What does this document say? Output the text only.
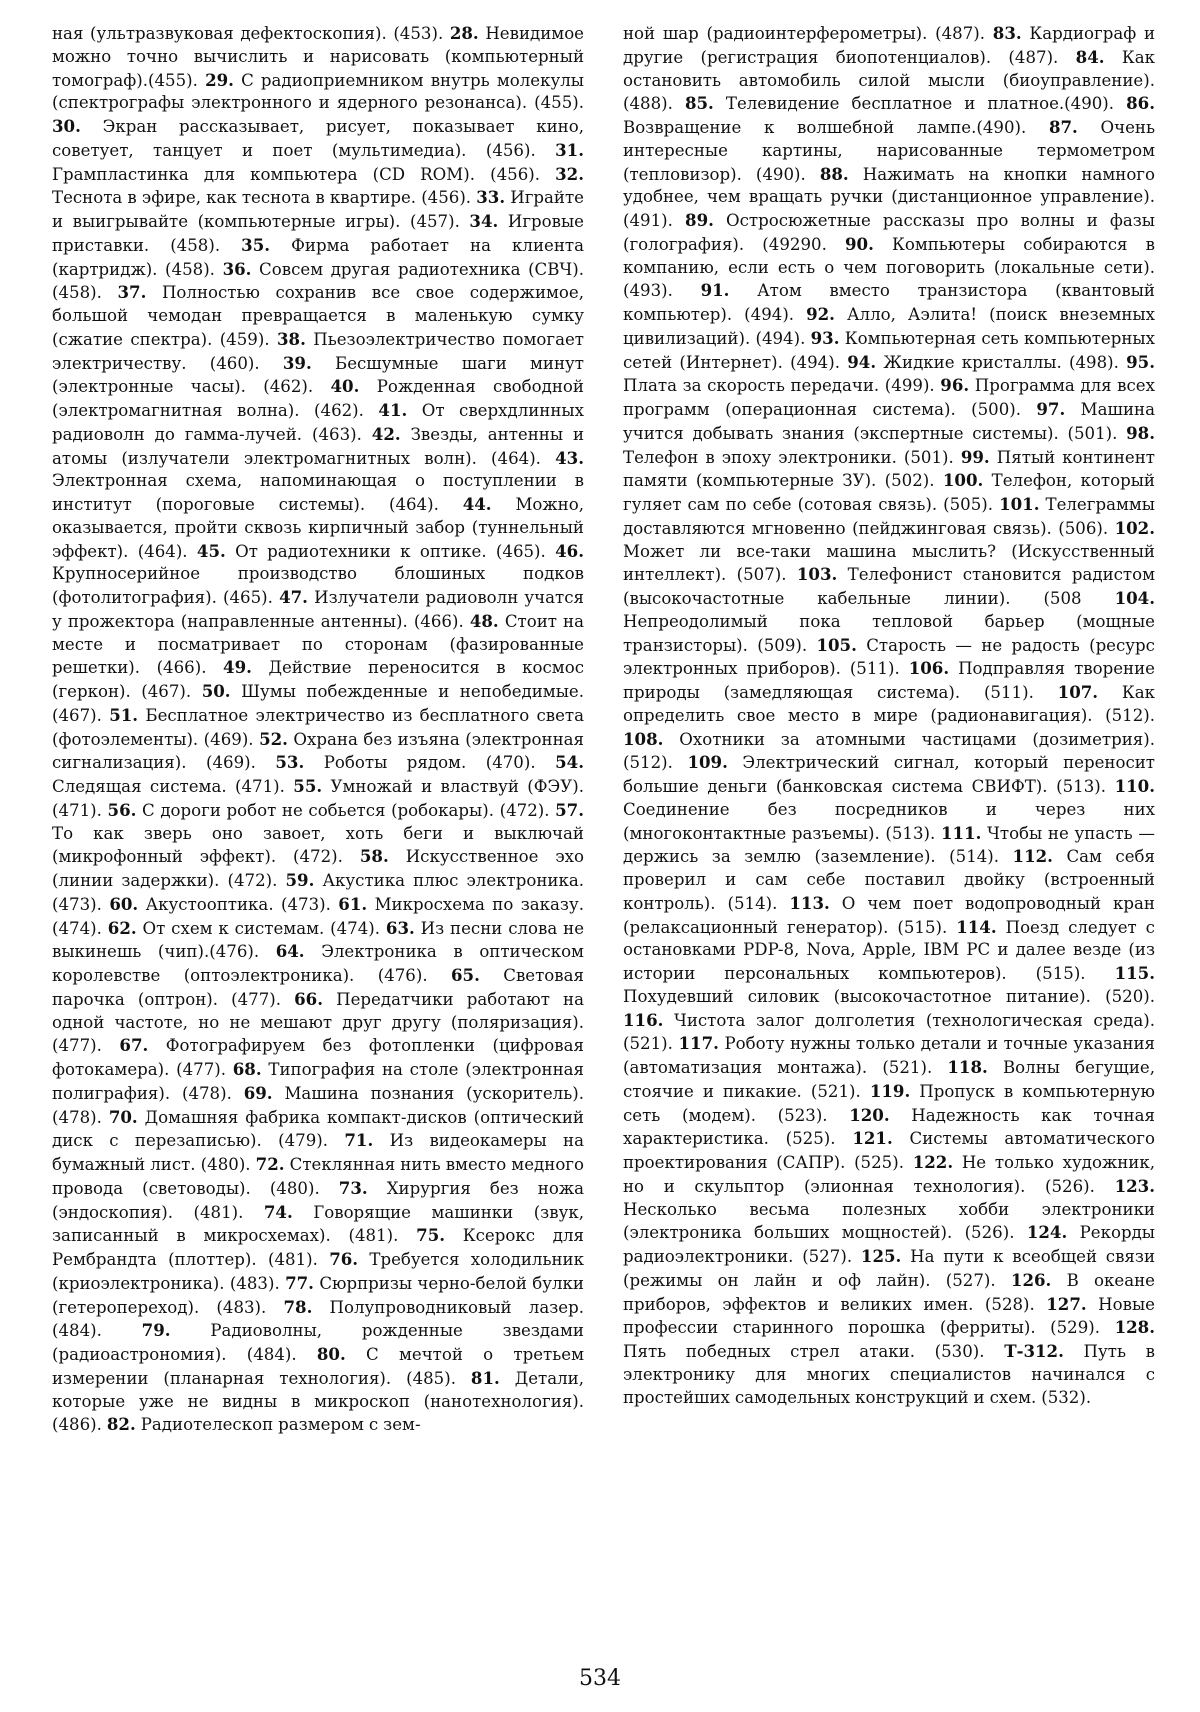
ная (ультразвуковая дефектоскопия). (453). 28. Невидимое можно точно вычислить и нарисовать (компьютерный томограф).(455). 29. С радиоприемником внутрь молекулы (спектрографы электронного и ядерного резонанса). (455). 30. Экран рассказывает, рисует, показывает кино, советует, танцует и поет (мультимедиа). (456). 31. Грампластинка для компьютера (CD ROM). (456). 32. Теснота в эфире, как теснота в квартире. (456). 33. Играйте и выигрывайте (компьютерные игры). (457). 34. Игровые приставки. (458). 35. Фирма работает на клиента (картридж). (458). 36. Совсем другая радиотехника (СВЧ).(458). 37. Полностью сохранив все свое содержимое, большой чемодан превращается в маленькую сумку (сжатие спектра). (459). 38. Пьезоэлектричество помогает электричеству. (460). 39. Бесшумные шаги минут (электронные часы). (462). 40. Рожденная свободной (электромагнитная волна). (462). 41. От сверхдлинных радиоволн до гамма-лучей. (463). 42. Звезды, антенны и атомы (излучатели электромагнитных волн). (464). 43. Электронная схема, напоминающая о поступлении в институт (пороговые системы). (464). 44. Можно, оказывается, пройти сквозь кирпичный забор (туннельный эффект). (464). 45. От радиотехники к оптике. (465). 46. Крупносерийное производство блошиных подков (фотолитография). (465). 47. Излучатели радиоволн учатся у прожектора (направленные антенны). (466). 48. Стоит на месте и посматривает по сторонам (фазированные решетки). (466). 49. Действие переносится в космос (геркон). (467). 50. Шумы побежденные и непобедимые.(467). 51. Бесплатное электричество из бесплатного света (фотоэлементы). (469). 52. Охрана без изъяна (электронная сигнализация). (469). 53. Роботы рядом. (470). 54. Следящая система. (471). 55. Умножай и властвуй (ФЭУ). (471). 56. С дороги робот не собьется (робокары). (472). 57. То как зверь оно завоет, хоть беги и выключай (микрофонный эффект). (472). 58. Искусственное эхо (линии задержки). (472). 59. Акустика плюс электроника. (473). 60. Акустооптика. (473). 61. Микросхема по заказу. (474). 62. От схем к системам. (474). 63. Из песни слова не выкинешь (чип).(476). 64. Электроника в оптическом королевстве (оптоэлектроника). (476). 65. Световая парочка (оптрон). (477). 66. Передатчики работают на одной частоте, но не мешают друг другу (поляризация). (477). 67. Фотографируем без фотопленки (цифровая фотокамера). (477). 68. Типография на столе (электронная полиграфия). (478). 69. Машина познания (ускоритель). (478). 70. Домашняя фабрика компакт-дисков (оптический диск с перезаписью). (479). 71. Из видеокамеры на бумажный лист. (480). 72. Стеклянная нить вместо медного провода (световоды). (480). 73. Хирургия без ножа (эндоскопия). (481). 74. Говорящие машинки (звук, записанный в микросхемах). (481). 75. Ксерокс для Рембрандта (плоттер). (481). 76. Требуется холодильник (криоэлектроника). (483). 77. Сюрпризы черно-белой булки (гетеропереход). (483). 78. Полупроводниковый лазер. (484). 79. Радиоволны, рожденные звездами (радиоастрономия). (484). 80. С мечтой о третьем измерении (планарная технология). (485). 81. Детали, которые уже не видны в микроскоп (нанотехнология). (486). 82. Радиотелескоп размером с зем-

ной шар (радиоинтерферометры). (487). 83. Кардиограф и другие (регистрация биопотенциалов). (487). 84. Как остановить автомобиль силой мысли (биоуправление). (488). 85. Телевидение бесплатное и платное.(490). 86. Возвращение к волшебной лампе.(490). 87. Очень интересные картины, нарисованные термометром (тепловизор). (490). 88. Нажимать на кнопки намного удобнее, чем вращать ручки (дистанционное управление). (491). 89. Остросюжетные рассказы про волны и фазы (голография). (49290. 90. Компьютеры собираются в компанию, если есть о чем поговорить (локальные сети). (493). 91. Атом вместо транзистора (квантовый компьютер). (494). 92. Алло, Аэлита! (поиск внеземных цивилизаций). (494). 93. Компьютерная сеть компьютерных сетей (Интернет). (494). 94. Жидкие кристаллы. (498). 95. Плата за скорость передачи. (499). 96. Программа для всех программ (операционная система). (500). 97. Машина учится добывать знания (экспертные системы). (501). 98. Телефон в эпоху электроники. (501). 99. Пятый континент памяти (компьютерные ЗУ). (502). 100. Телефон, который гуляет сам по себе (сотовая связь). (505). 101. Телеграммы доставляются мгновенно (пейджинговая связь). (506). 102. Может ли все-таки машина мыслить? (Искусственный интеллект). (507). 103. Телефонист становится радистом (высокочастотные кабельные линии). (508 104. Непреодолимый пока тепловой барьер (мощные транзисторы). (509). 105. Старость — не радость (ресурс электронных приборов). (511). 106. Подправляя творение природы (замедляющая система). (511). 107. Как определить свое место в мире (радионавигация). (512). 108. Охотники за атомными частицами (дозиметрия). (512). 109. Электрический сигнал, который переносит большие деньги (банковская система СВИФТ). (513). 110. Соединение без посредников и через них (многоконтактные разъемы). (513). 111. Чтобы не упасть — держись за землю (заземление). (514). 112. Сам себя проверил и сам себе поставил двойку (встроенный контроль). (514). 113. О чем поет водопроводный кран (релаксационный генератор). (515). 114. Поезд следует с остановками PDP-8, Nova, Apple, IBM PC и далее везде (из истории персональных компьютеров). (515). 115. Похудевший силовик (высокочастотное питание). (520). 116. Чистота залог долголетия (технологическая среда). (521). 117. Роботу нужны только детали и точные указания (автоматизация монтажа). (521). 118. Волны бегущие, стоячие и пикакие. (521). 119. Пропуск в компьютерную сеть (модем). (523). 120. Надежность как точная характеристика. (525). 121. Системы автоматического проектирования (САПР). (525). 122. Не только художник, но и скульптор (элионная технология). (526). 123. Несколько весьма полезных хобби электроники (электроника больших мощностей). (526). 124. Рекорды радиоэлектроники. (527). 125. На пути к всеобщей связи (режимы он лайн и оф лайн). (527). 126. В океане приборов, эффектов и великих имен. (528). 127. Новые профессии старинного порошка (ферриты). (529). 128. Пять победных стрел атаки. (530). Т-312. Путь в электронику для многих специалистов начинался с простейших самодельных конструкций и схем. (532).

534
